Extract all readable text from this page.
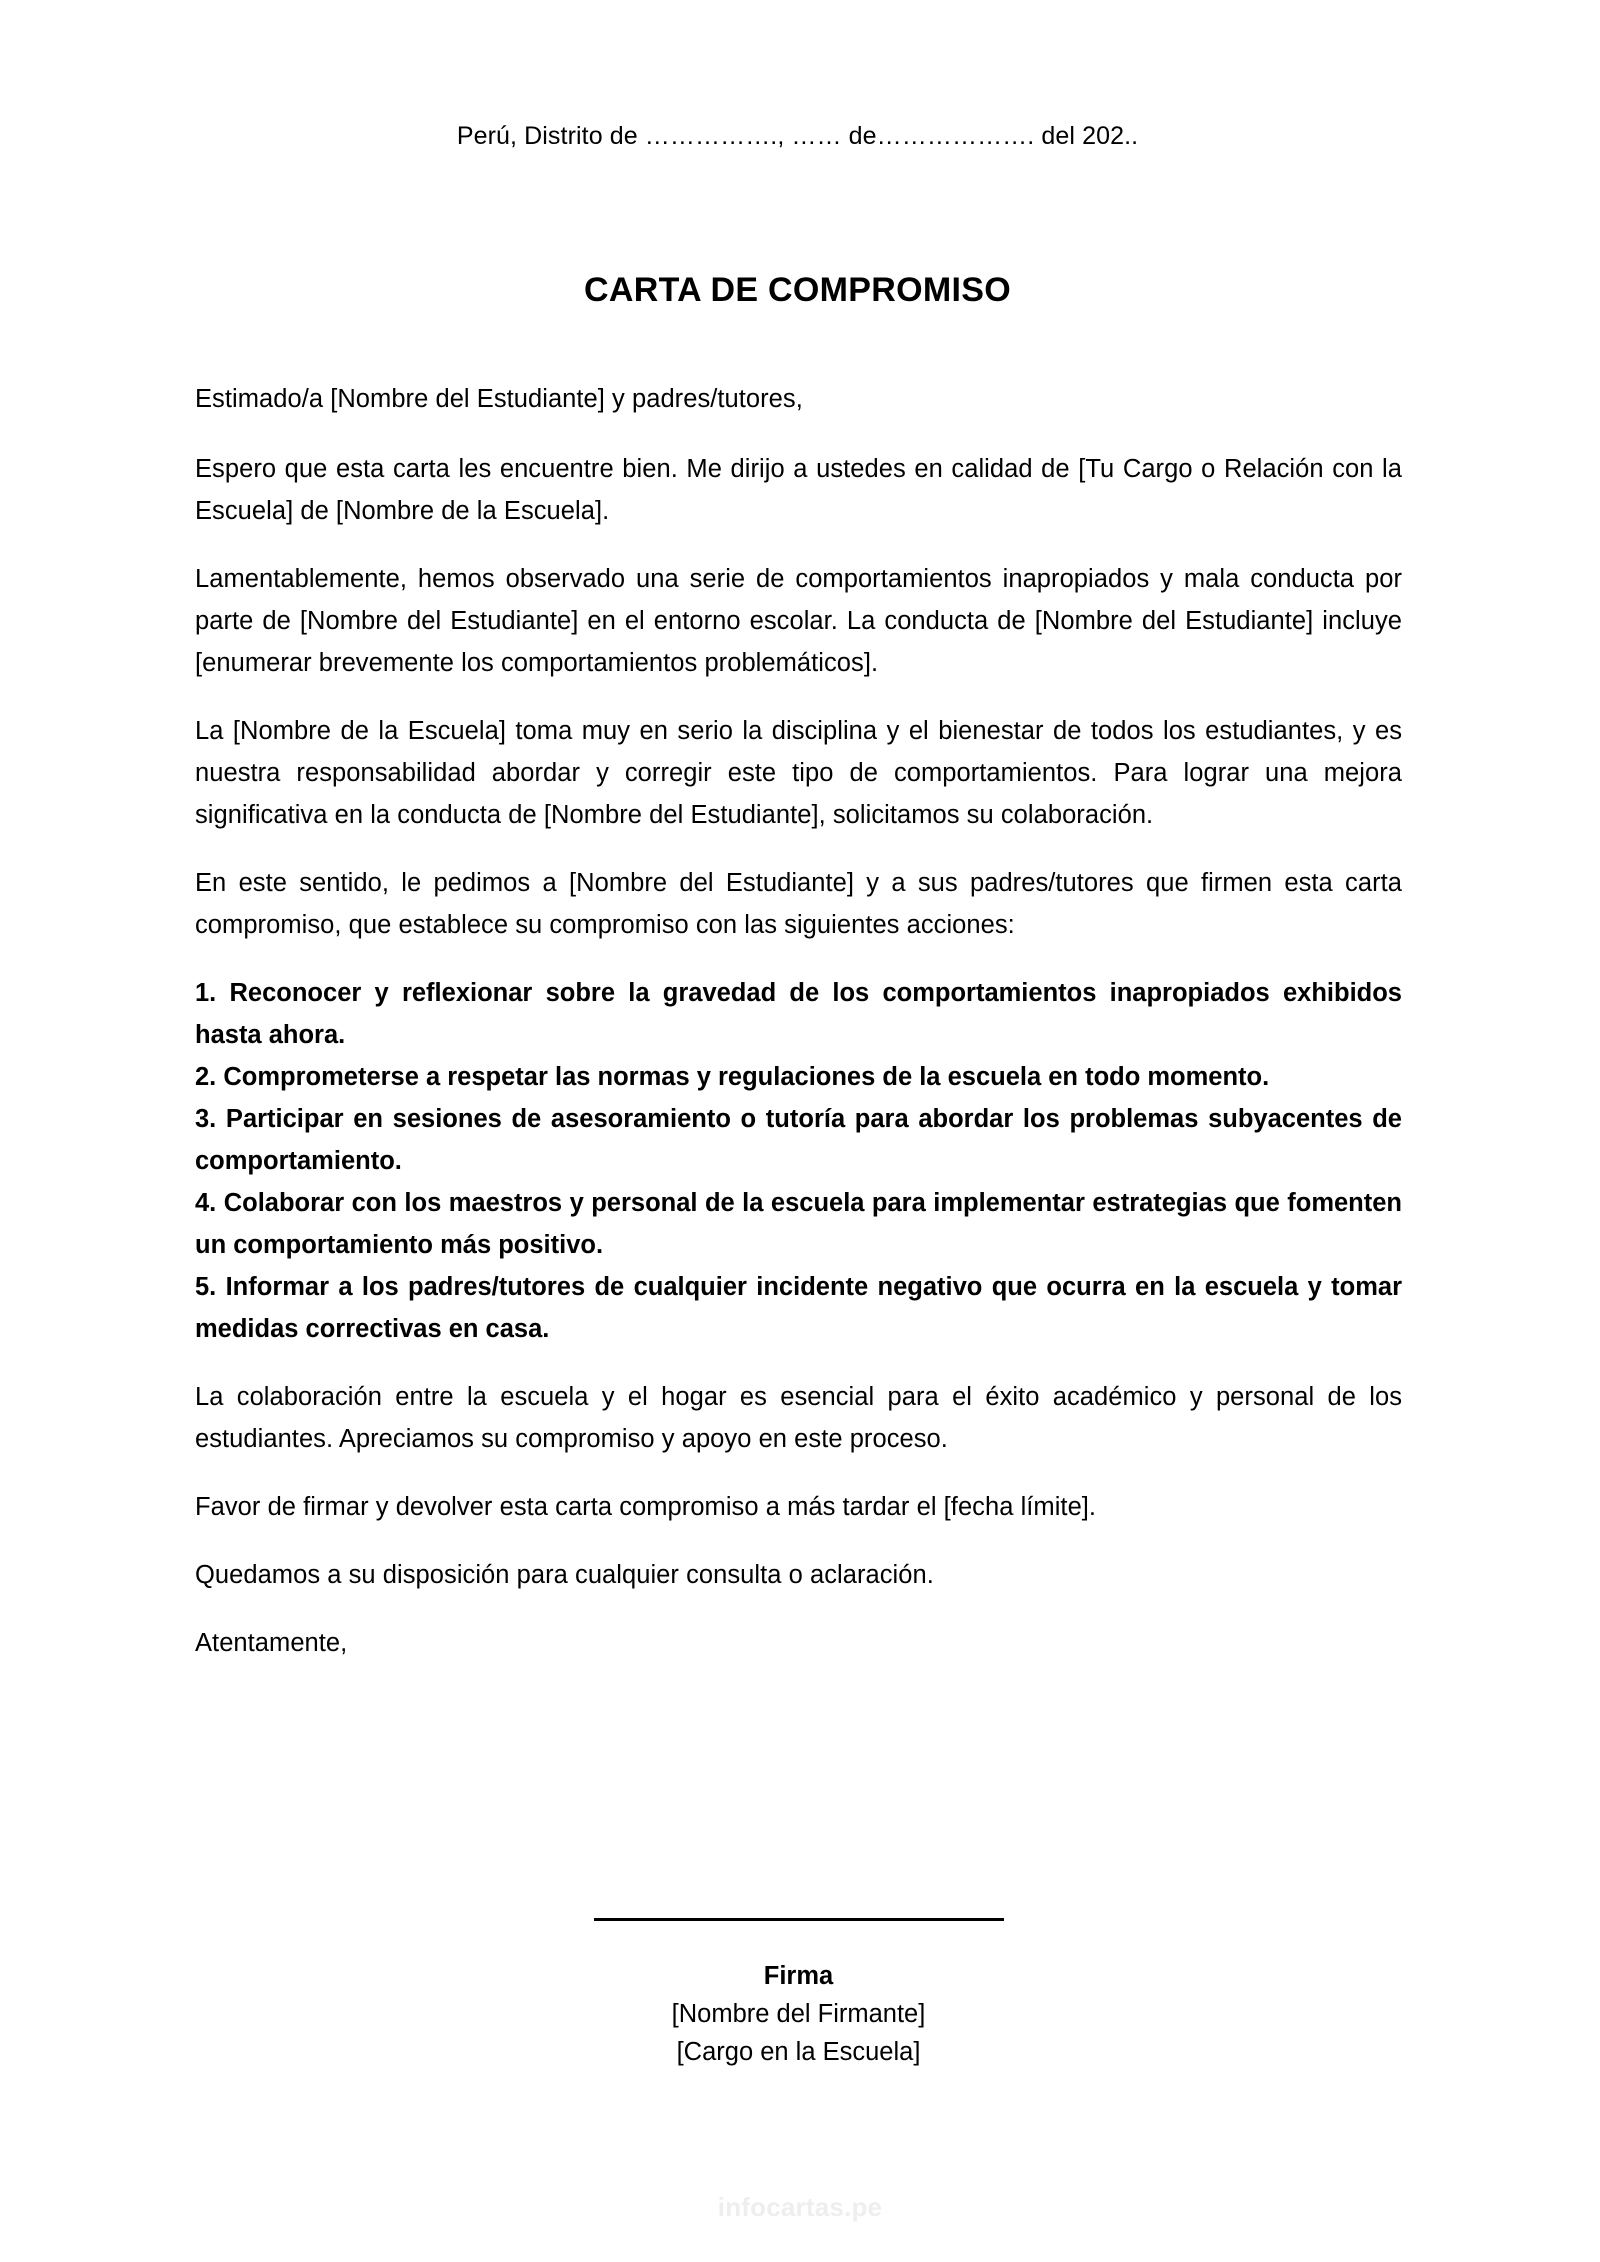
Perú, Distrito de ……………., …… de………………. del 202..
CARTA DE COMPROMISO

Estimado/a [Nombre del Estudiante] y padres/tutores,

Espero que esta carta les encuentre bien. Me dirijo a ustedes en calidad de [Tu Cargo o Relación con la Escuela] de [Nombre de la Escuela].

Lamentablemente, hemos observado una serie de comportamientos inapropiados y mala conducta por parte de [Nombre del Estudiante] en el entorno escolar. La conducta de [Nombre del Estudiante] incluye [enumerar brevemente los comportamientos problemáticos].

La [Nombre de la Escuela] toma muy en serio la disciplina y el bienestar de todos los estudiantes, y es nuestra responsabilidad abordar y corregir este tipo de comportamientos. Para lograr una mejora significativa en la conducta de [Nombre del Estudiante], solicitamos su colaboración.

En este sentido, le pedimos a [Nombre del Estudiante] y a sus padres/tutores que firmen esta carta compromiso, que establece su compromiso con las siguientes acciones:

1. Reconocer y reflexionar sobre la gravedad de los comportamientos inapropiados exhibidos hasta ahora.
2. Comprometerse a respetar las normas y regulaciones de la escuela en todo momento.
3. Participar en sesiones de asesoramiento o tutoría para abordar los problemas subyacentes de comportamiento.
4. Colaborar con los maestros y personal de la escuela para implementar estrategias que fomenten un comportamiento más positivo.
5. Informar a los padres/tutores de cualquier incidente negativo que ocurra en la escuela y tomar medidas correctivas en casa.

La colaboración entre la escuela y el hogar es esencial para el éxito académico y personal de los estudiantes. Apreciamos su compromiso y apoyo en este proceso.

Favor de firmar y devolver esta carta compromiso a más tardar el [fecha límite].

Quedamos a su disposición para cualquier consulta o aclaración.

Atentamente,

Firma
[Nombre del Firmante]
[Cargo en la Escuela]
infocartas.pe
